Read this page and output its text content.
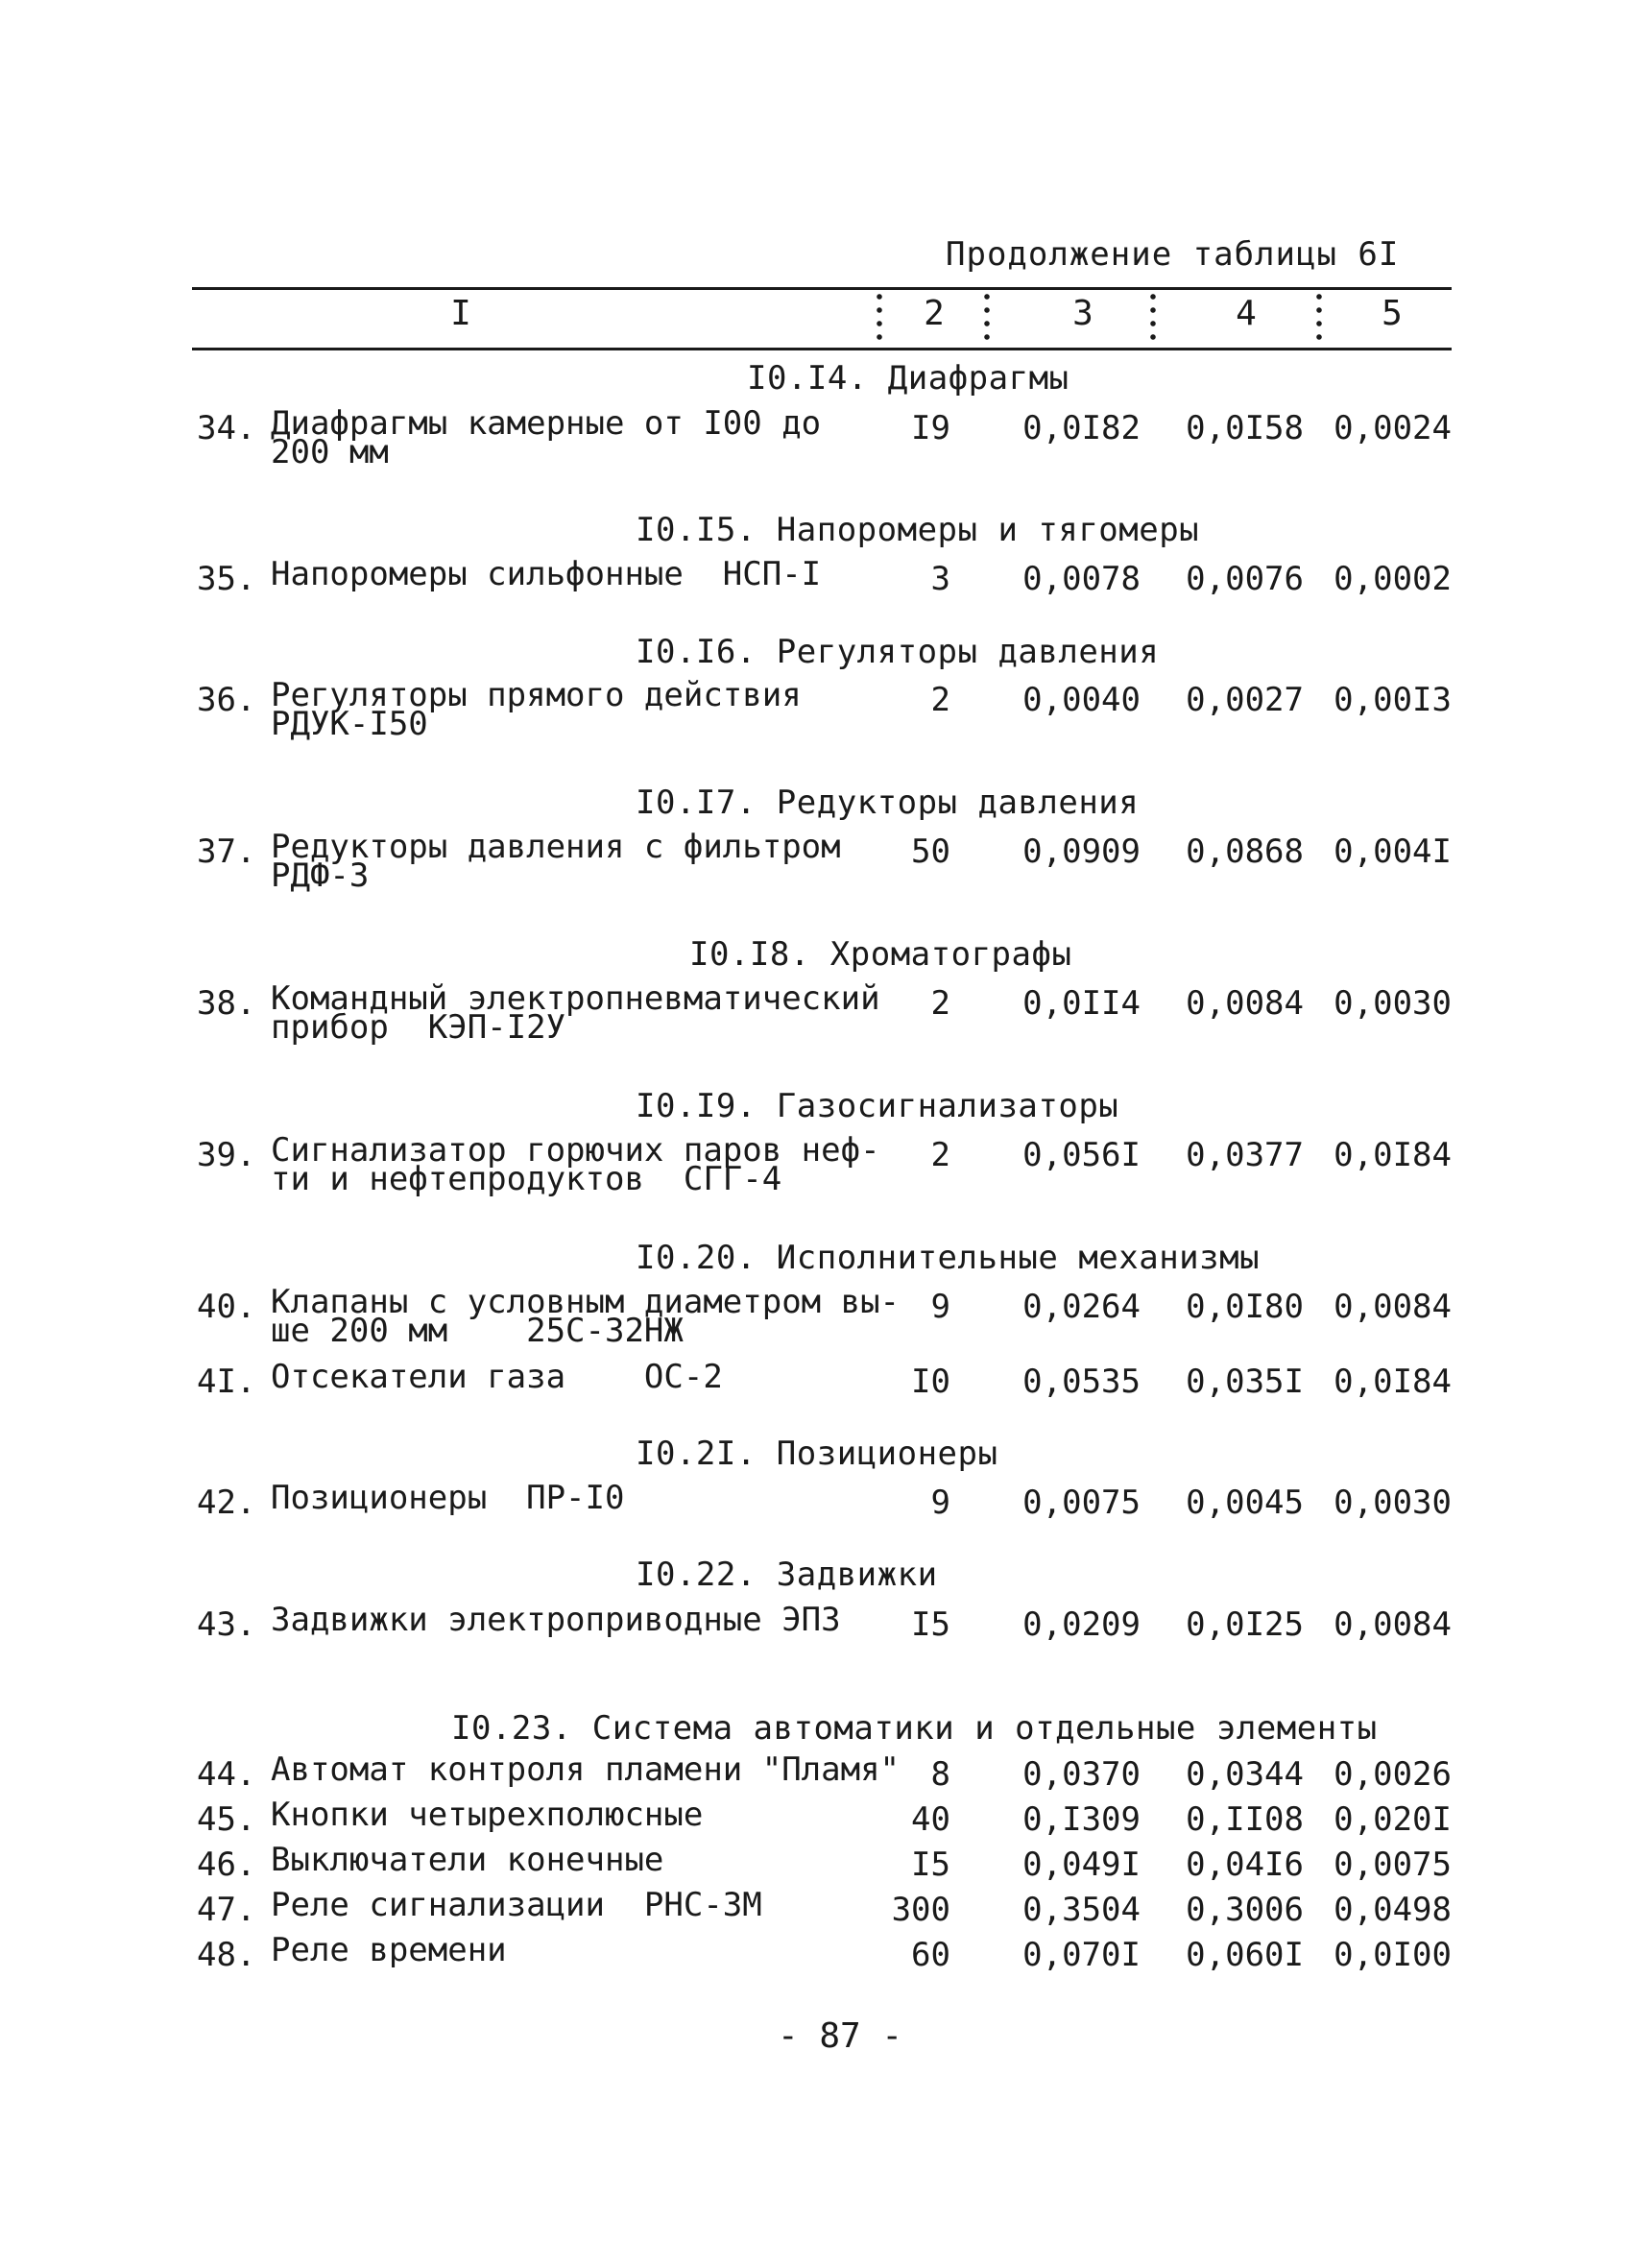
Продолжение таблицы 6I
I	2	3	4	5
I0.I4. Диафрагмы
34. Диафрагмы камерные от I00 до
200 мм
I9 0,0I82 0,0I58 0,0024
I0.I5. Напоромеры и тягомеры
35. Напоромеры сильфонные  НСП-I	3 0,0078 0,0076 0,0002
I0.I6. Регуляторы давления
36. Регуляторы прямого действия
РДУК-I50
2 0,0040 0,0027 0,00I3
I0.I7. Редукторы давления
37. Редукторы давления с фильтром
РДФ-3
50 0,0909 0,0868 0,004I
I0.I8. Хроматографы
38. Командный электропневматический
прибор  КЭП-I2У
2 0,0II4 0,0084 0,0030
I0.I9. Газосигнализаторы
39. Сигнализатор горючих паров неф-
ти и нефтепродуктов  СГГ-4
2 0,056I 0,0377 0,0I84
I0.20. Исполнительные механизмы
40. Клапаны с условным диаметром вы-
ше 200 мм    25С-32НЖ
9 0,0264 0,0I80 0,0084
4I. Отсекатели газа    ОС-2	I0 0,0535 0,035I 0,0I84
I0.2I. Позиционеры
42. Позиционеры  ПР-I0	9 0,0075 0,0045 0,0030
I0.22. Задвижки
43. Задвижки электроприводные ЭПЗ	I5 0,0209 0,0I25 0,0084
I0.23. Система автоматики и отдельные элементы
44. Автомат контроля пламени "Пламя" 8 0,0370 0,0344 0,0026
45. Кнопки четырехполюсные	40 0,I309 0,II08 0,020I
46. Выключатели конечные	I5 0,049I 0,04I6 0,0075
47. Реле сигнализации  РНС-3М	300 0,3504 0,3006 0,0498
48. Реле времени	60 0,070I 0,060I 0,0I00
- 87 -
